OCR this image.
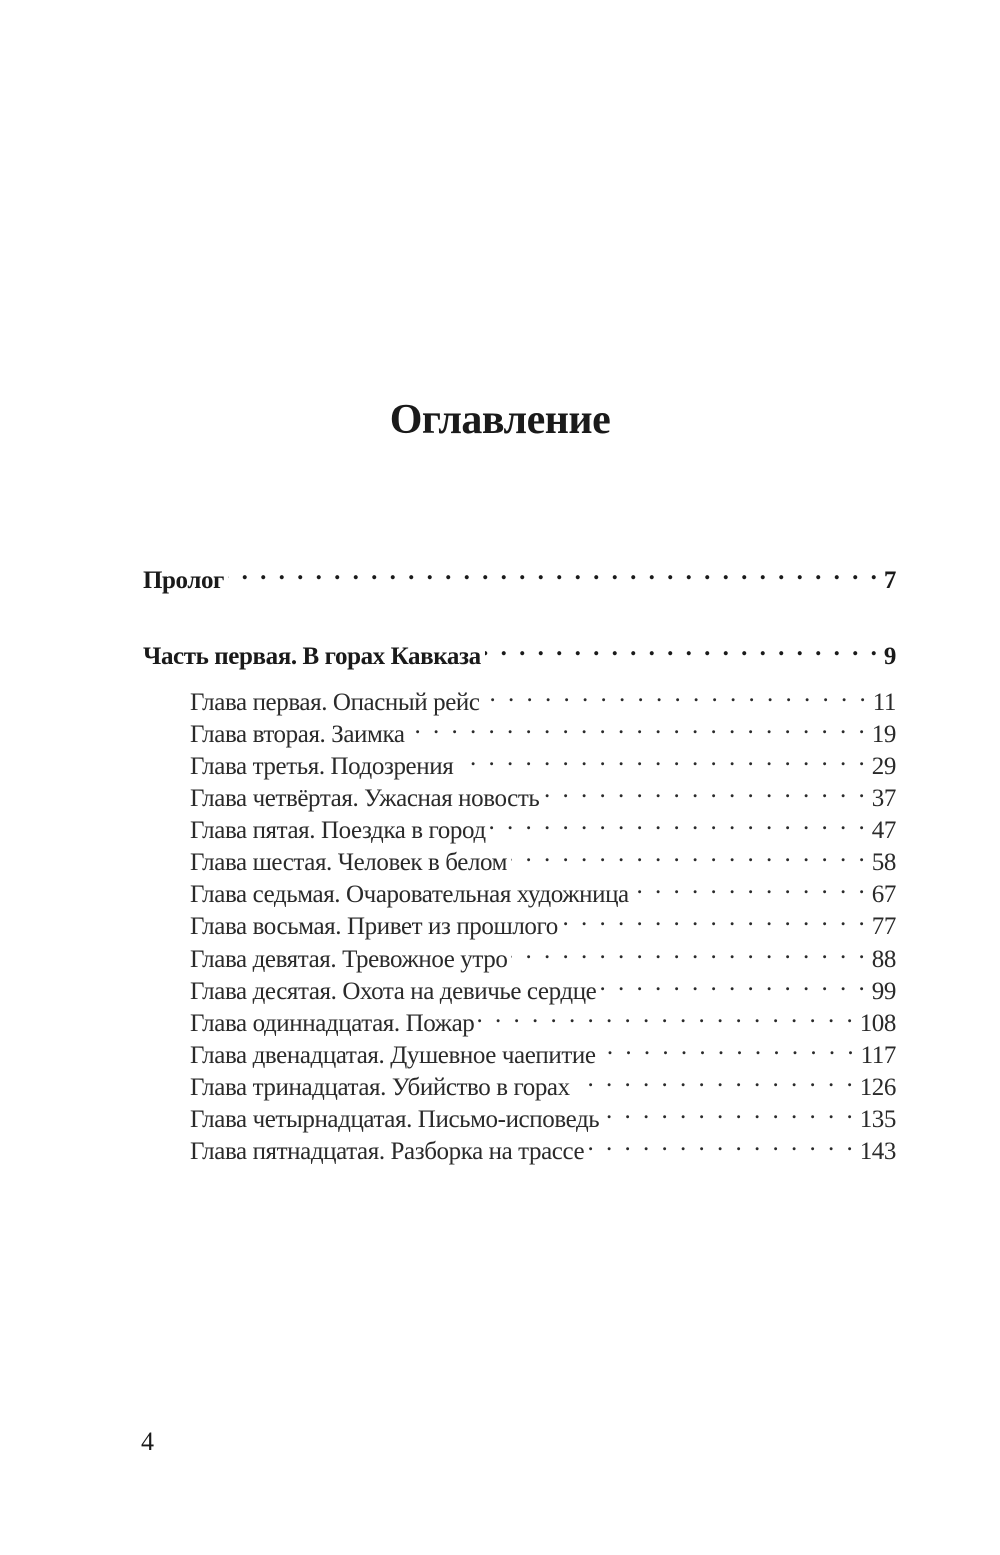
Оглавление
Пролог . . .	7
Часть первая. В горах Кавказа . . .	9
Глава первая. Опасный рейс . . .	11
Глава вторая. Заимка . . .	19
Глава третья. Подозрения . . .	29
Глава четвёртая. Ужасная новость . . .	37
Глава пятая. Поездка в город . . .	47
Глава шестая. Человек в белом . . .	58
Глава седьмая. Очаровательная художница . . .	67
Глава восьмая. Привет из прошлого . . .	77
Глава девятая. Тревожное утро . . .	88
Глава десятая. Охота на девичье сердце . . .	99
Глава одиннадцатая. Пожар . . .	108
Глава двенадцатая. Душевное чаепитие . . .	117
Глава тринадцатая. Убийство в горах . . .	126
Глава четырнадцатая. Письмо-исповедь . . .	135
Глава пятнадцатая. Разборка на трассе . . .	143
4
